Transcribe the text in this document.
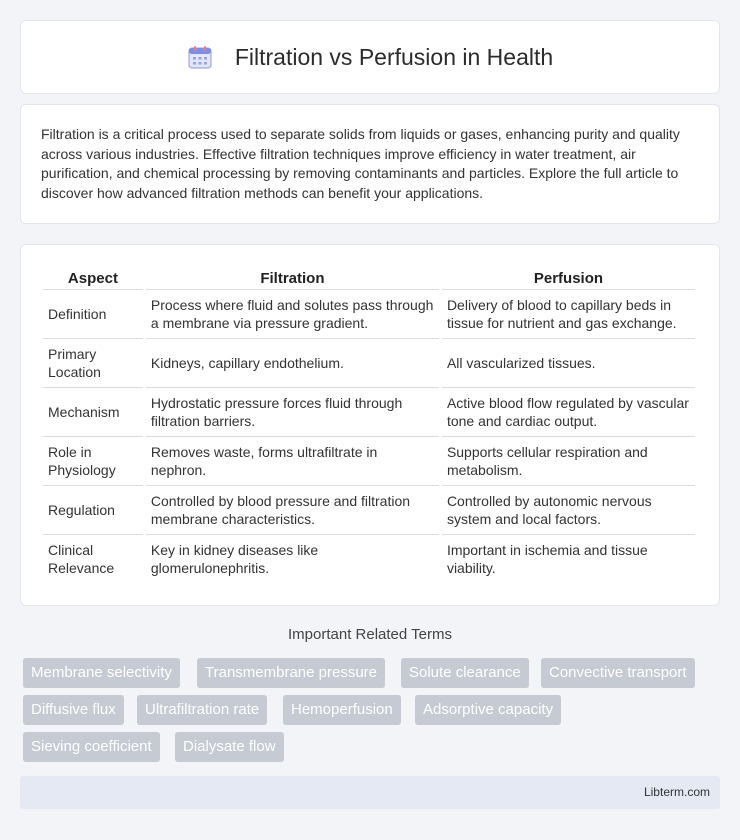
Filtration vs Perfusion in Health

Filtration is a critical process used to separate solids from liquids or gases, enhancing purity and quality across various industries. Effective filtration techniques improve efficiency in water treatment, air purification, and chemical processing by removing contaminants and particles. Explore the full article to discover how advanced filtration methods can benefit your applications.

Aspect	Filtration	Perfusion
Definition	Process where fluid and solutes pass through a membrane via pressure gradient.	Delivery of blood to capillary beds in tissue for nutrient and gas exchange.
Primary Location	Kidneys, capillary endothelium.	All vascularized tissues.
Mechanism	Hydrostatic pressure forces fluid through filtration barriers.	Active blood flow regulated by vascular tone and cardiac output.
Role in Physiology	Removes waste, forms ultrafiltrate in nephron.	Supports cellular respiration and metabolism.
Regulation	Controlled by blood pressure and filtration membrane characteristics.	Controlled by autonomic nervous system and local factors.
Clinical Relevance	Key in kidney diseases like glomerulonephritis.	Important in ischemia and tissue viability.
Important Related Terms
Membrane selectivity	Transmembrane pressure	Solute clearance	Convective transport
Diffusive flux	Ultrafiltration rate	Hemoperfusion	Adsorptive capacity
Sieving coefficient	Dialysate flow
Libterm.com
